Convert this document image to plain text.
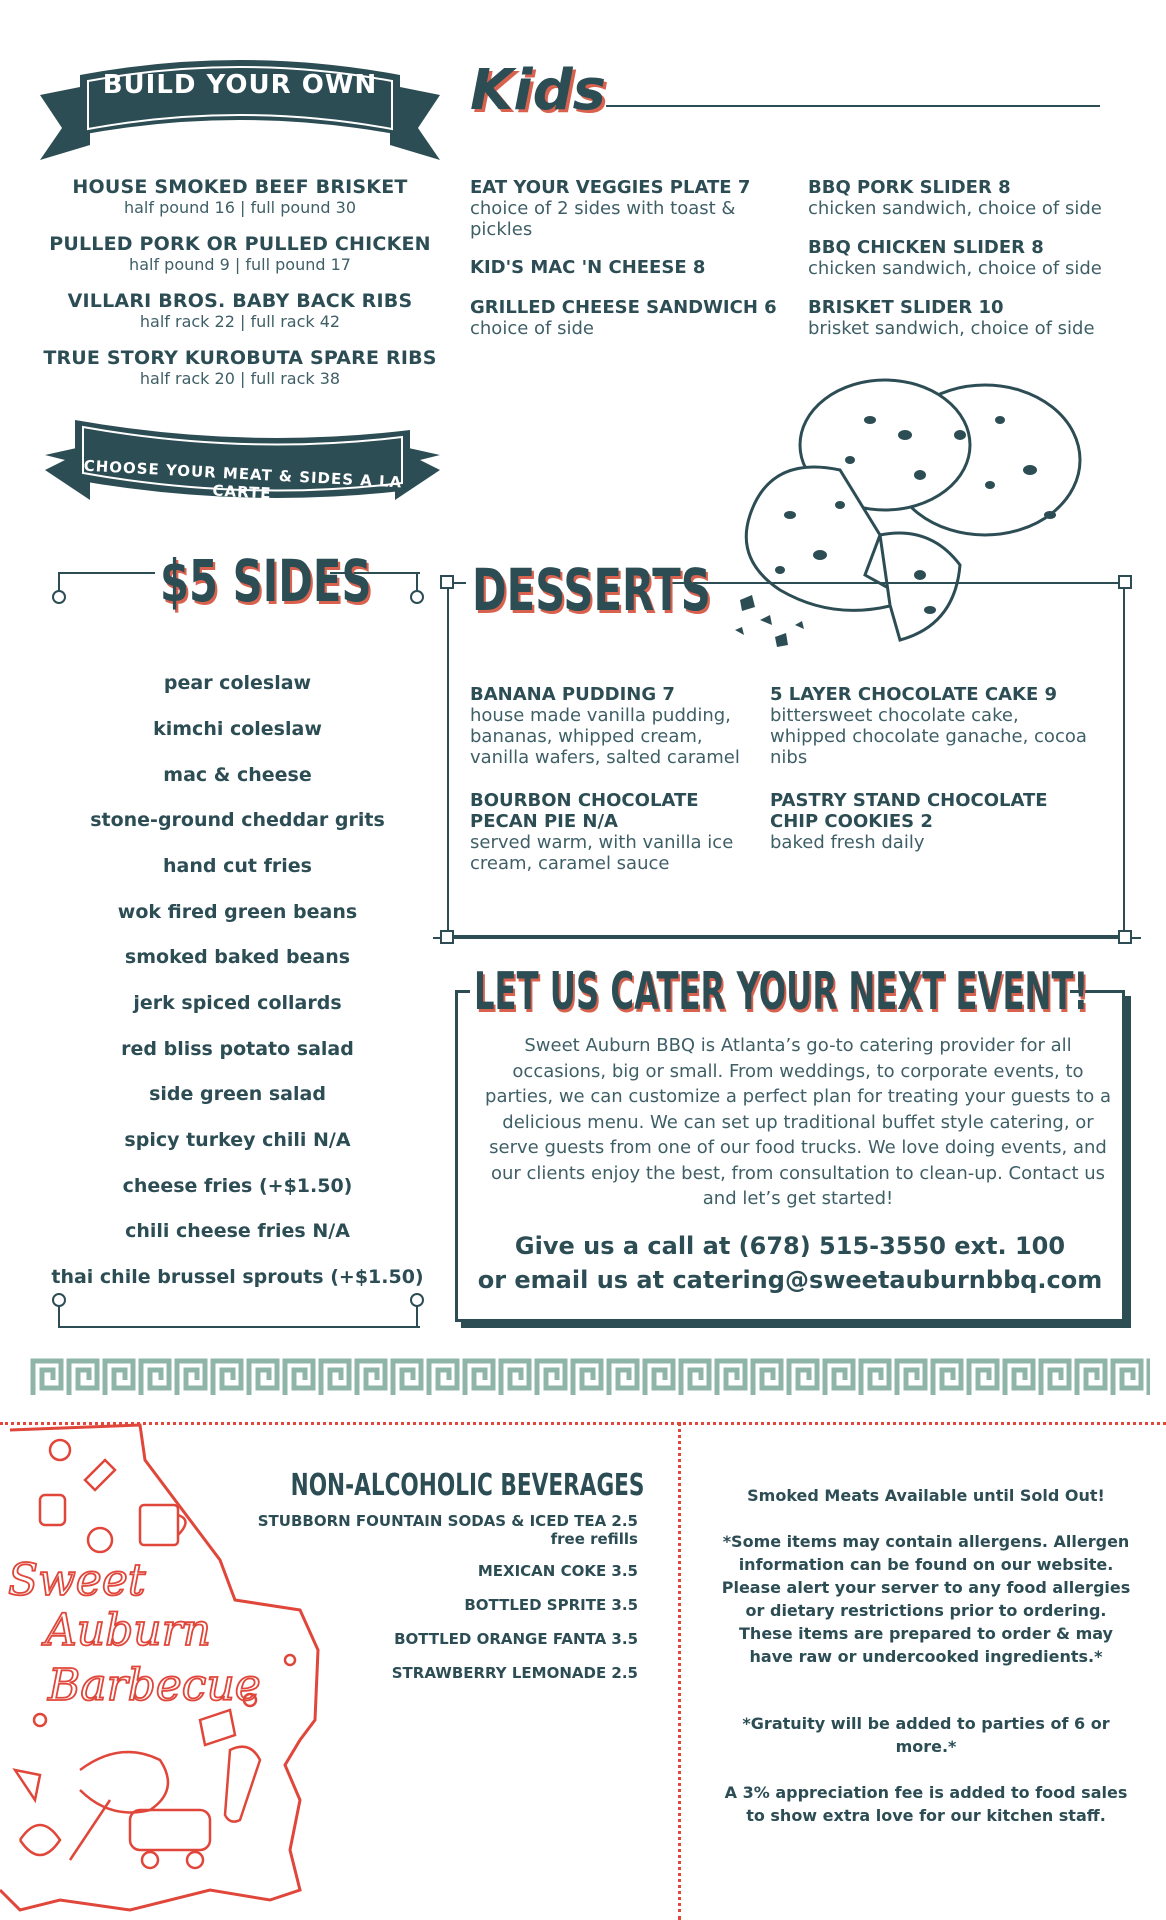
BUILD YOUR OWN
HOUSE SMOKED BEEF BRISKET
half pound 16 | full pound 30
PULLED PORK OR PULLED CHICKEN
half pound 9 | full pound 17
VILLARI BROS. BABY BACK RIBS
half rack 22 | full rack 42
TRUE STORY KUROBUTA SPARE RIBS
half rack 20 | full rack 38
CHOOSE YOUR MEAT & SIDES A LA CARTE
Kids
EAT YOUR VEGGIES PLATE 7
choice of 2 sides with toast & pickles
KID'S MAC 'N CHEESE 8
GRILLED CHEESE SANDWICH 6
choice of side
BBQ PORK SLIDER 8
chicken sandwich, choice of side
BBQ CHICKEN SLIDER 8
chicken sandwich, choice of side
BRISKET SLIDER 10
brisket sandwich, choice of side
$5 SIDES
pear coleslaw
kimchi coleslaw
mac & cheese
stone-ground cheddar grits
hand cut fries
wok fired green beans
smoked baked beans
jerk spiced collards
red bliss potato salad
side green salad
spicy turkey chili N/A
cheese fries (+$1.50)
chili cheese fries N/A
thai chile brussel sprouts (+$1.50)
DESSERTS
BANANA PUDDING 7
house made vanilla pudding, bananas, whipped cream, vanilla wafers, salted caramel
5 LAYER CHOCOLATE CAKE 9
bittersweet chocolate cake, whipped chocolate ganache, cocoa nibs
BOURBON CHOCOLATE PECAN PIE N/A
served warm, with vanilla ice cream, caramel sauce
PASTRY STAND CHOCOLATE CHIP COOKIES 2
baked fresh daily
LET US CATER YOUR NEXT EVENT!
Sweet Auburn BBQ is Atlanta’s go-to catering provider for all occasions, big or small. From weddings, to corporate events, to parties, we can customize a perfect plan for treating your guests to a delicious menu. We can set up traditional buffet style catering, or serve guests from one of our food trucks. We love doing events, and our clients enjoy the best, from consultation to clean-up. Contact us and let’s get started!
Give us a call at (678) 515-3550 ext. 100
or email us at catering@sweetauburnbbq.com
Sweet
Auburn
Barbecue
NON-ALCOHOLIC BEVERAGES
STUBBORN FOUNTAIN SODAS & ICED TEA 2.5
free refills
MEXICAN COKE 3.5
BOTTLED SPRITE 3.5
BOTTLED ORANGE FANTA 3.5
STRAWBERRY LEMONADE 2.5
Smoked Meats Available until Sold Out!
*Some items may contain allergens. Allergen information can be found on our website. Please alert your server to any food allergies or dietary restrictions prior to ordering. These items are prepared to order & may have raw or undercooked ingredients.*
*Gratuity will be added to parties of 6 or more.*
A 3% appreciation fee is added to food sales to show extra love for our kitchen staff.
